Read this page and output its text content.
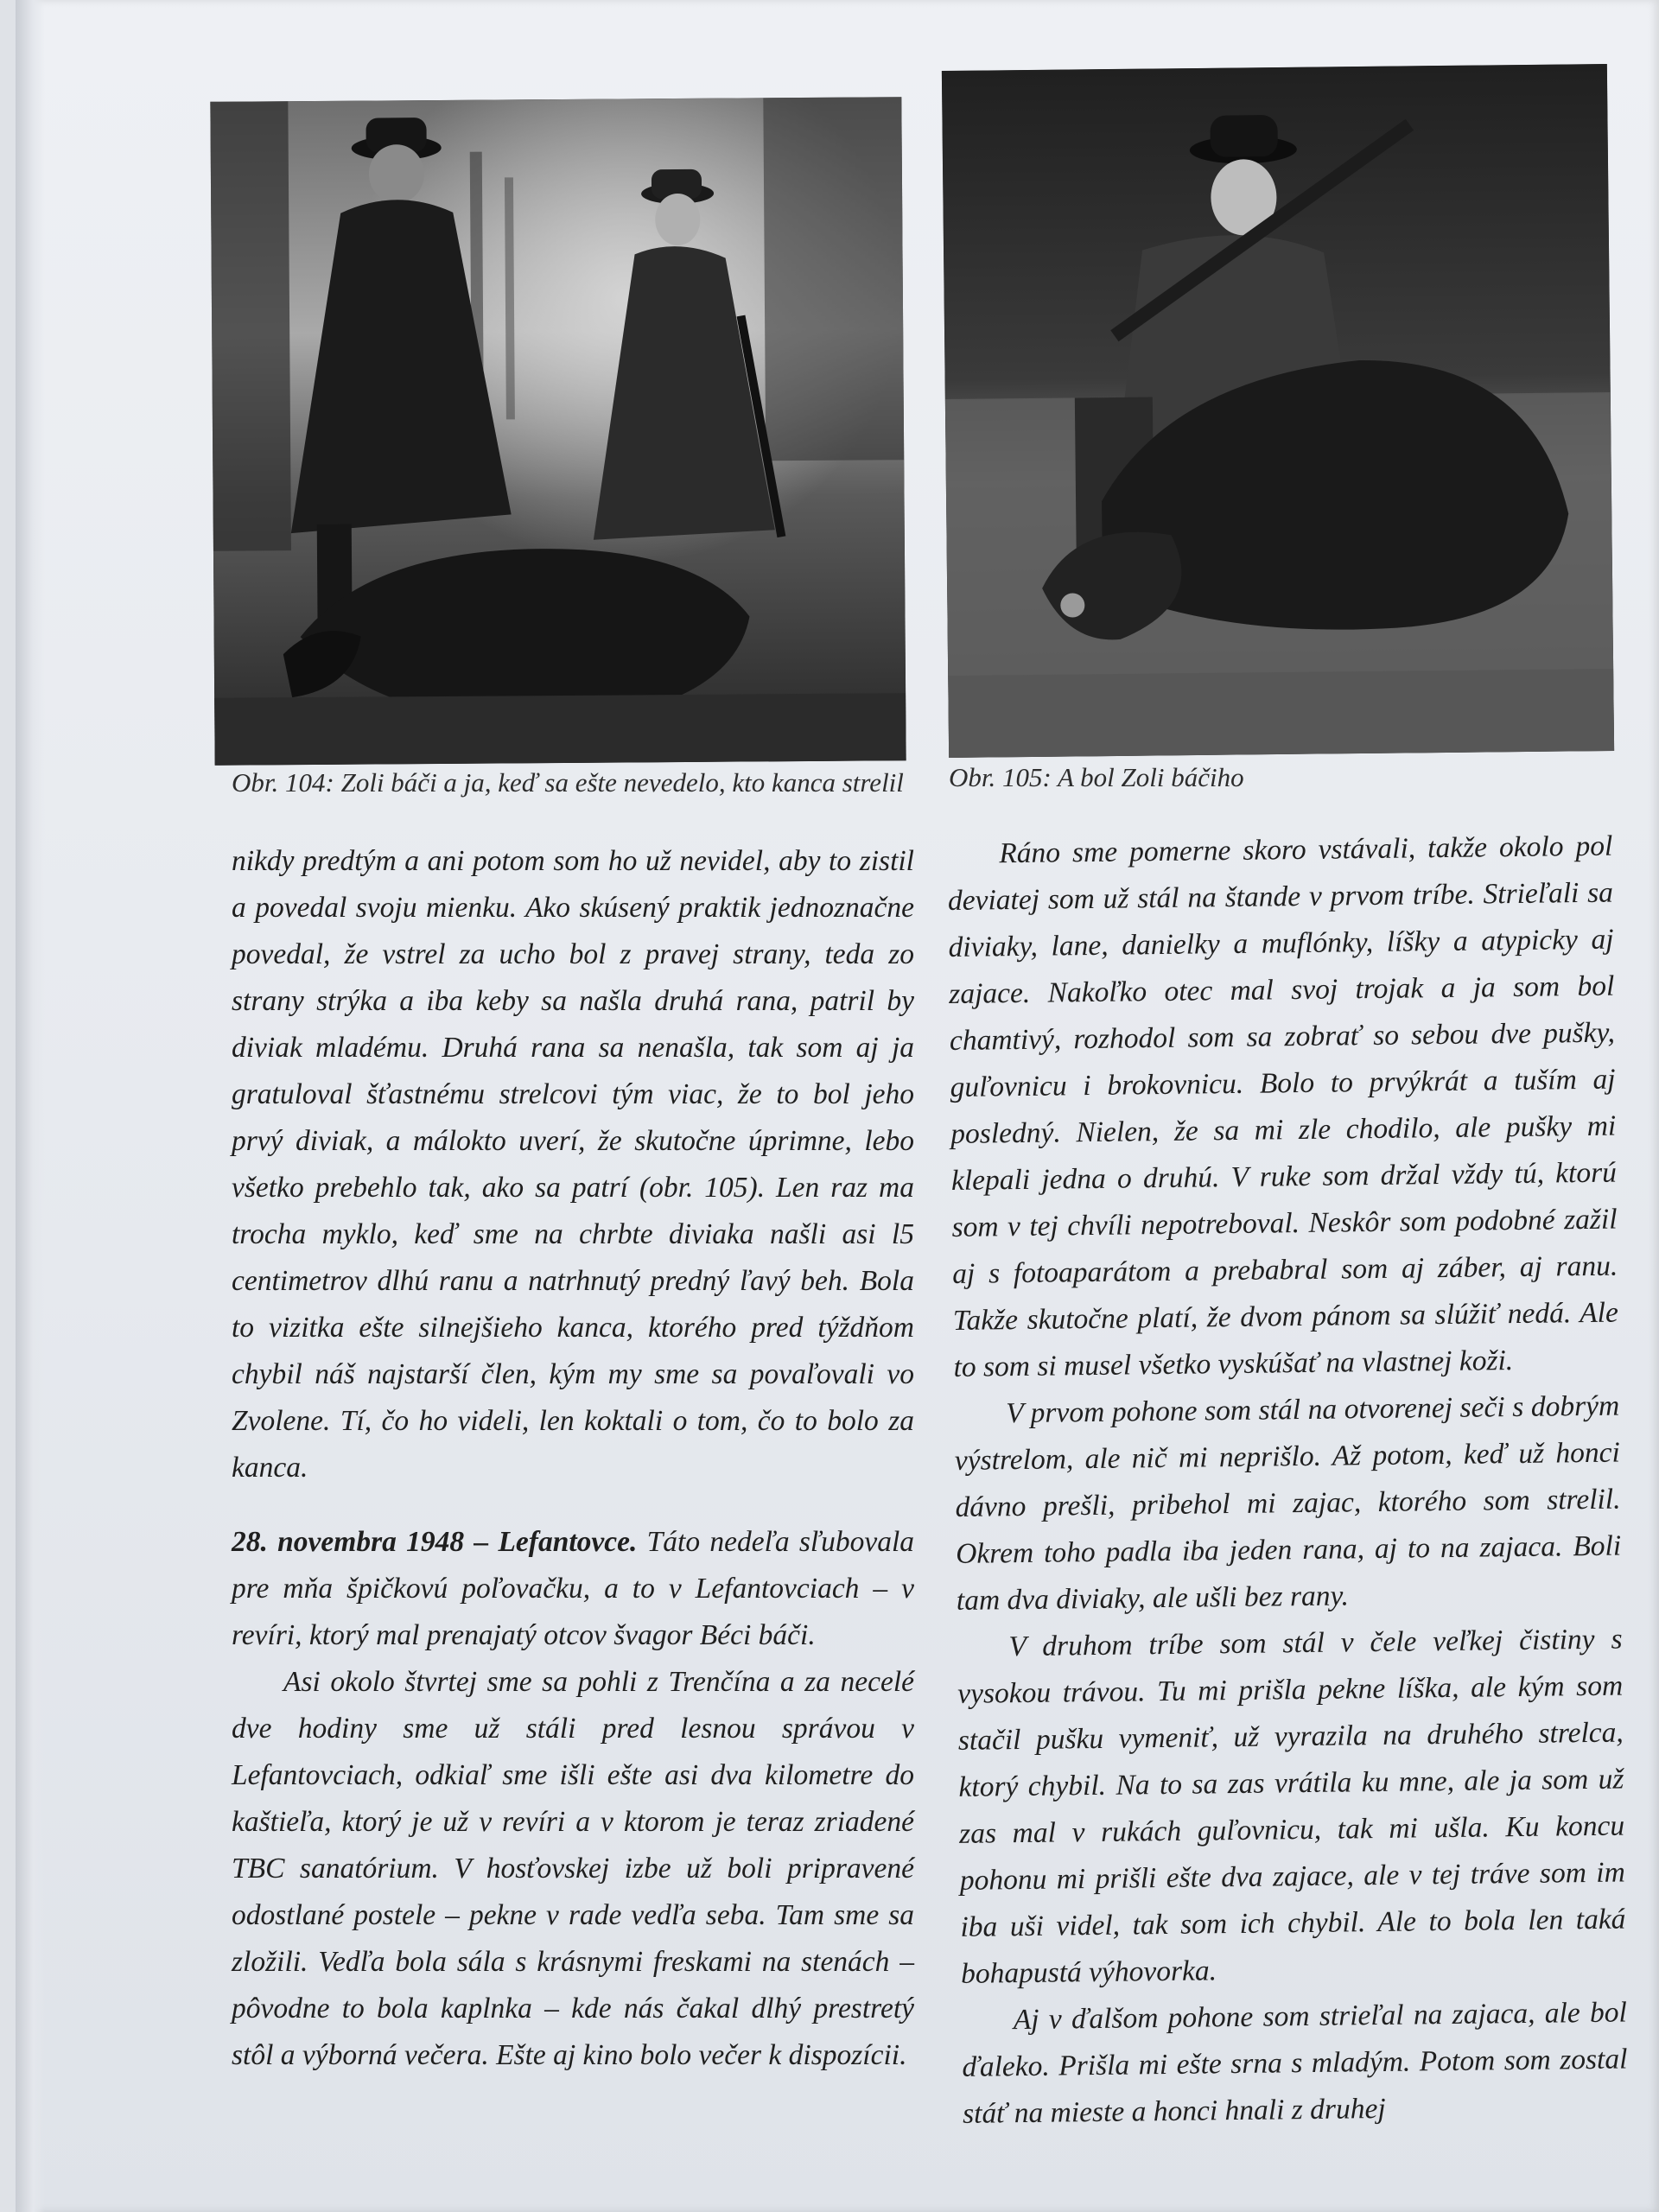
Obr. 104: Zoli báči a ja, keď sa ešte nevedelo, kto kanca strelil Obr. 105: A bol Zoli báčiho

nikdy predtým a ani potom som ho už nevidel, aby to zistil a povedal svoju mienku. Ako skúsený praktik jednoznačne povedal, že vstrel za ucho bol z pravej strany, teda zo strany strýka a iba keby sa našla druhá rana, patril by diviak mladému. Druhá rana sa nenašla, tak som aj ja gratuloval šťastnému strelcovi tým viac, že to bol jeho prvý diviak, a málokto uverí, že skutočne úprimne, lebo všetko prebehlo tak, ako sa patrí (obr. 105). Len raz ma trocha myklo, keď sme na chrbte diviaka našli asi l5 centimetrov dlhú ranu a natrhnutý predný ľavý beh. Bola to vizitka ešte silnejšieho kanca, ktorého pred týždňom chybil náš najstarší člen, kým my sme sa povaľovali vo Zvolene. Tí, čo ho videli, len koktali o tom, čo to bolo za kanca.

28. novembra 1948 – Lefantovce. Táto nedeľa sľubovala pre mňa špičkovú poľovačku, a to v Lefantovciach – v revíri, ktorý mal prenajatý otcov švagor Béci báči.

Asi okolo štvrtej sme sa pohli z Trenčína a za necelé dve hodiny sme už stáli pred lesnou správou v Lefantovciach, odkiaľ sme išli ešte asi dva kilometre do kaštieľa, ktorý je už v revíri a v ktorom je teraz zriadené TBC sanatórium. V hosťovskej izbe už boli pripravené odostlané postele – pekne v rade vedľa seba. Tam sme sa zložili. Vedľa bola sála s krásnymi freskami na stenách – pôvodne to bola kaplnka – kde nás čakal dlhý prestretý stôl a výborná večera. Ešte aj kino bolo večer k dispozícii.

Ráno sme pomerne skoro vstávali, takže okolo pol deviatej som už stál na štande v prvom tríbe. Strieľali sa diviaky, lane, danielky a muflónky, líšky a atypicky aj zajace. Nakoľko otec mal svoj trojak a ja som bol chamtivý, rozhodol som sa zobrať so sebou dve pušky, guľovnicu i brokovnicu. Bolo to prvýkrát a tuším aj posledný. Nielen, že sa mi zle chodilo, ale pušky mi klepali jedna o druhú. V ruke som držal vždy tú, ktorú som v tej chvíli nepotreboval. Neskôr som podobné zažil aj s fotoaparátom a prebabral som aj záber, aj ranu. Takže skutočne platí, že dvom pánom sa slúžiť nedá. Ale to som si musel všetko vyskúšať na vlastnej koži.

V prvom pohone som stál na otvorenej seči s dobrým výstrelom, ale nič mi neprišlo. Až potom, keď už honci dávno prešli, pribehol mi zajac, ktorého som strelil. Okrem toho padla iba jeden rana, aj to na zajaca. Boli tam dva diviaky, ale ušli bez rany.

V druhom tríbe som stál v čele veľkej čistiny s vysokou trávou. Tu mi prišla pekne líška, ale kým som stačil pušku vymeniť, už vyrazila na druhého strelca, ktorý chybil. Na to sa zas vrátila ku mne, ale ja som už zas mal v rukách guľovnicu, tak mi ušla. Ku koncu pohonu mi prišli ešte dva zajace, ale v tej tráve som im iba uši videl, tak som ich chybil. Ale to bola len taká bohapustá výhovorka.

Aj v ďalšom pohone som strieľal na zajaca, ale bol ďaleko. Prišla mi ešte srna s mladým. Potom som zostal stáť na mieste a honci hnali z druhej
